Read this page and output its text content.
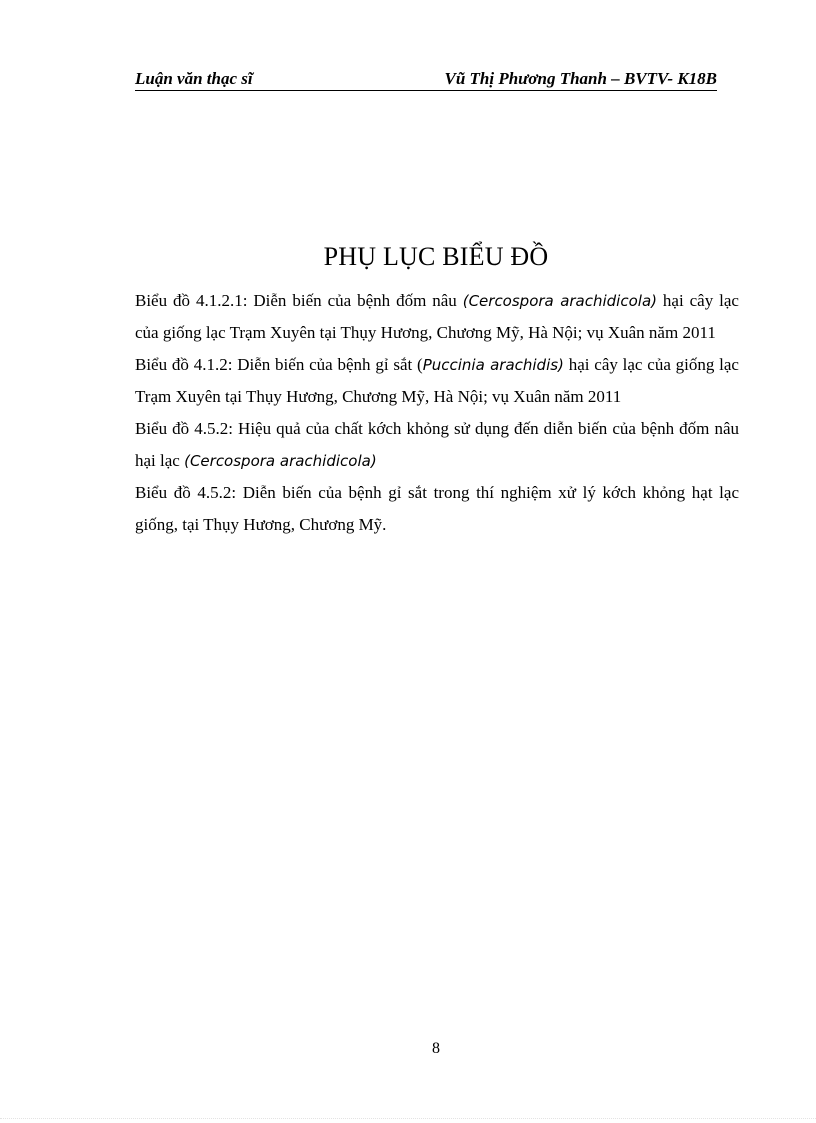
Luận văn thạc sĩ	Vũ Thị Phương Thanh – BVTV- K18B
PHỤ LỤC BIỂU ĐỒ

Biểu đồ 4.1.2.1: Diễn biến của bệnh đốm nâu (Cercospora arachidicola) hại cây lạc của giống lạc Trạm Xuyên tại Thụy Hương, Chương Mỹ, Hà Nội; vụ Xuân năm 2011

Biểu đồ 4.1.2: Diễn biến của bệnh gỉ sắt (Puccinia arachidis) hại cây lạc của giống lạc Trạm Xuyên tại Thụy Hương, Chương Mỹ, Hà Nội; vụ Xuân năm 2011

Biểu đồ 4.5.2: Hiệu quả của chất kớch khỏng sử dụng đến diễn biến của bệnh đốm nâu hại lạc (Cercospora arachidicola)

Biểu đồ 4.5.2: Diễn biến của bệnh gỉ sắt trong thí nghiệm xử lý kớch khỏng hạt lạc giống, tại Thụy Hương, Chương Mỹ.

8
